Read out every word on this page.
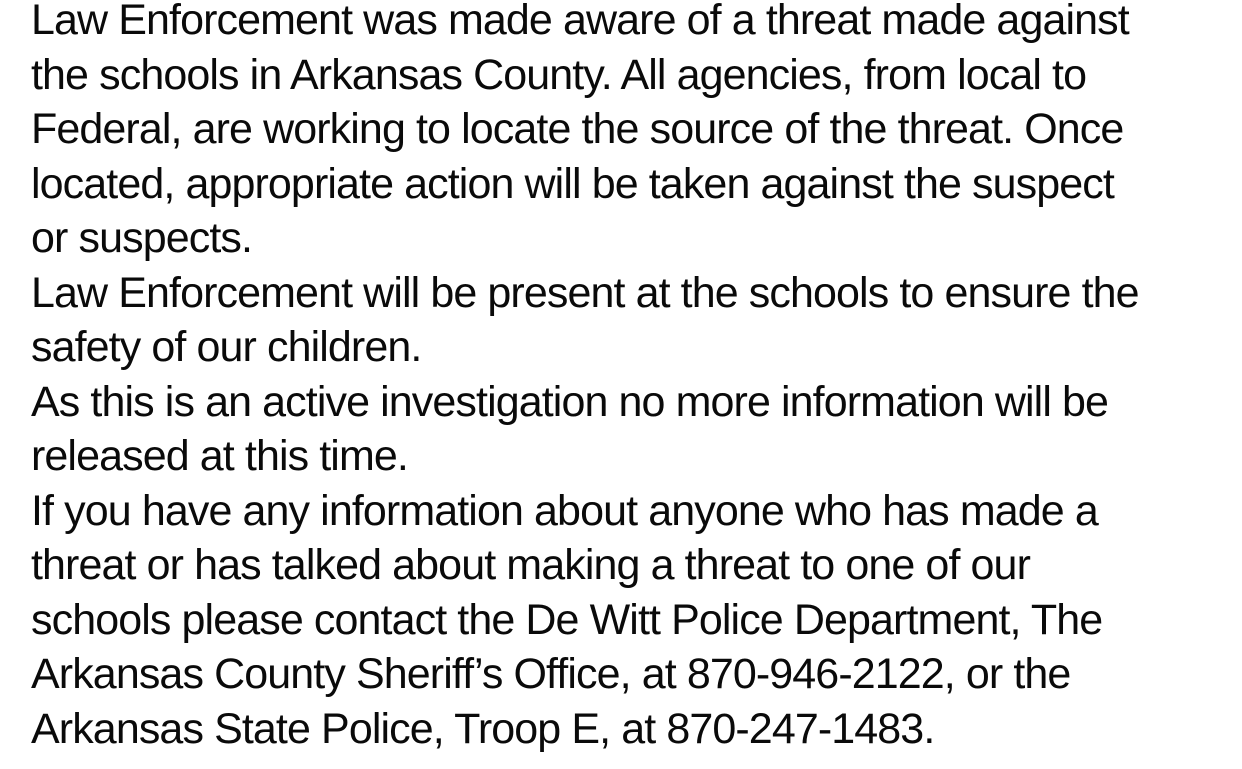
Law Enforcement was made aware of a threat made against
the schools in Arkansas County. All agencies, from local to
Federal, are working to locate the source of the threat. Once
located, appropriate action will be taken against the suspect
or suspects.
Law Enforcement will be present at the schools to ensure the
safety of our children.
As this is an active investigation no more information will be
released at this time.
If you have any information about anyone who has made a
threat or has talked about making a threat to one of our
schools please contact the De Witt Police Department, The
Arkansas County Sheriff’s Office, at 870-946-2122, or the
Arkansas State Police, Troop E, at 870-247-1483.
